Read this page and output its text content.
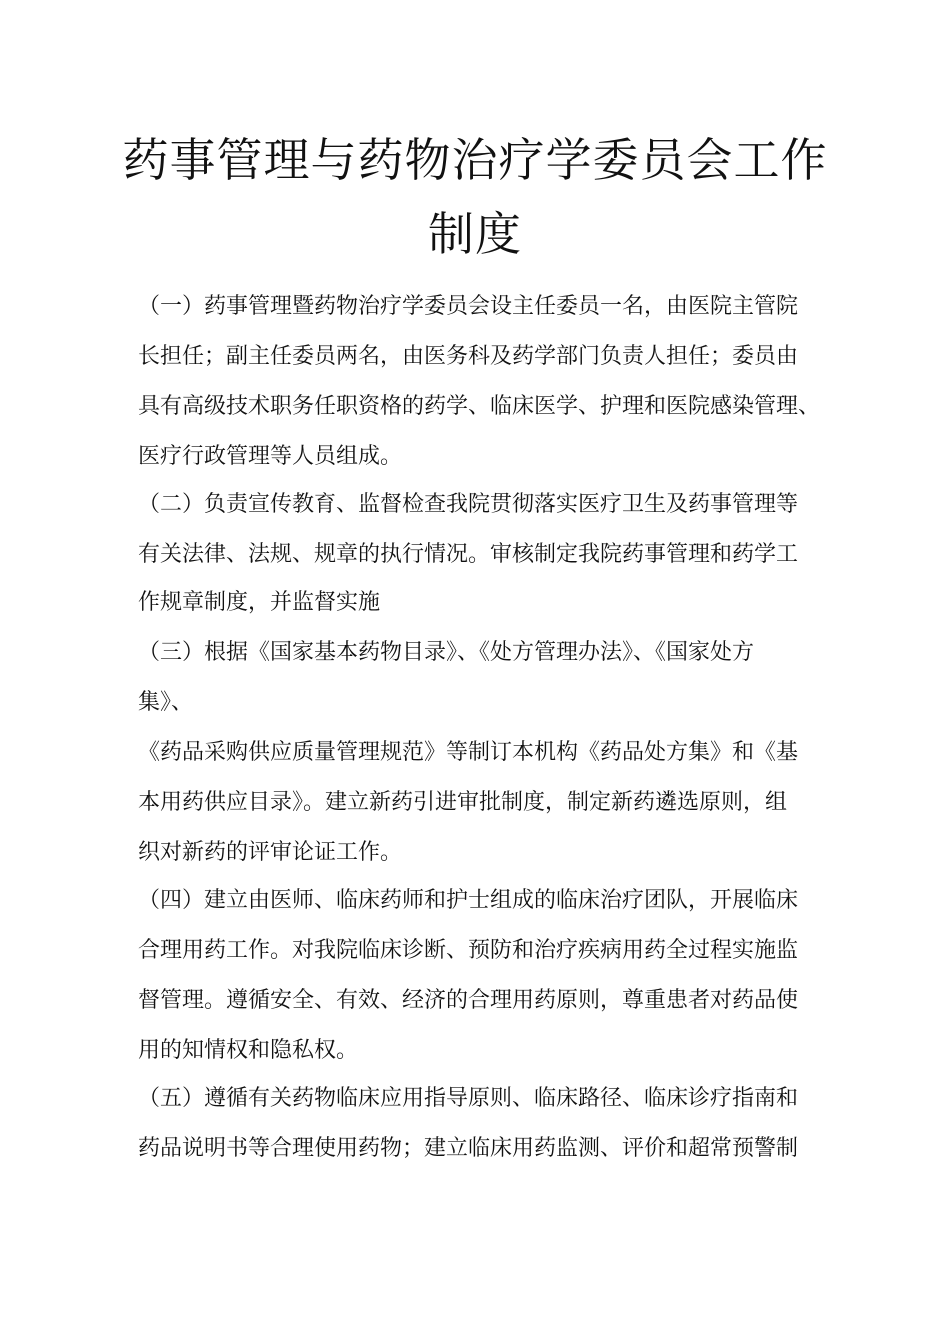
药事管理与药物治疗学委员会工作
制度
（一）药事管理暨药物治疗学委员会设主任委员一名，由医院主管院
长担任；副主任委员两名，由医务科及药学部门负责人担任；委员由
具有高级技术职务任职资格的药学、临床医学、护理和医院感染管理、
医疗行政管理等人员组成。
（二）负责宣传教育、监督检查我院贯彻落实医疗卫生及药事管理等
有关法律、法规、规章的执行情况。审核制定我院药事管理和药学工
作规章制度，并监督实施
（三）根据《国家基本药物目录》、《处方管理办法》、《国家处方
集》、
《药品采购供应质量管理规范》等制订本机构《药品处方集》和《基
本用药供应目录》。建立新药引进审批制度，制定新药遴选原则，组
织对新药的评审论证工作。
（四）建立由医师、临床药师和护士组成的临床治疗团队，开展临床
合理用药工作。对我院临床诊断、预防和治疗疾病用药全过程实施监
督管理。遵循安全、有效、经济的合理用药原则，尊重患者对药品使
用的知情权和隐私权。
（五）遵循有关药物临床应用指导原则、临床路径、临床诊疗指南和
药品说明书等合理使用药物；建立临床用药监测、评价和超常预警制
